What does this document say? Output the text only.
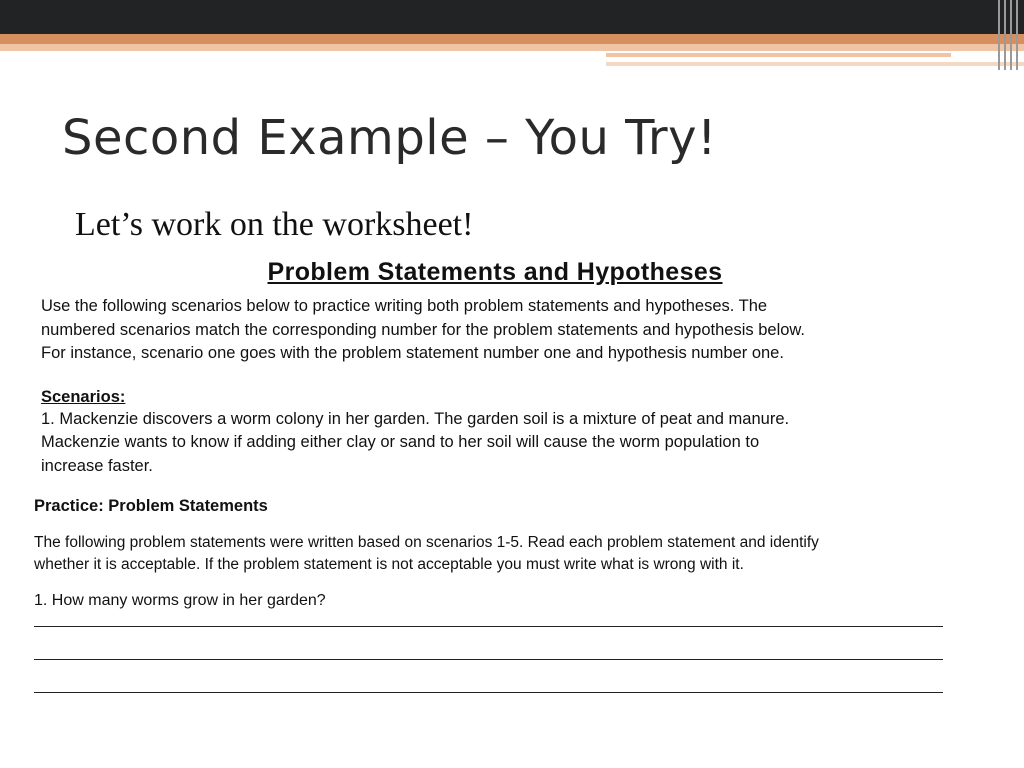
Second Example – You Try!

Let’s work on the worksheet!

Problem Statements and Hypotheses

Use the following scenarios below to practice writing both problem statements and hypotheses. The

numbered scenarios match the corresponding number for the problem statements and hypothesis below.

For instance, scenario one goes with the problem statement number one and hypothesis number one.

Scenarios:

1. Mackenzie discovers a worm colony in her garden. The garden soil is a mixture of peat and manure.

Mackenzie wants to know if adding either clay or sand to her soil will cause the worm population to

increase faster.

Practice: Problem Statements

The following problem statements were written based on scenarios 1-5. Read each problem statement and identify
whether it is acceptable. If the problem statement is not acceptable you must write what is wrong with it.

1. How many worms grow in her garden?
